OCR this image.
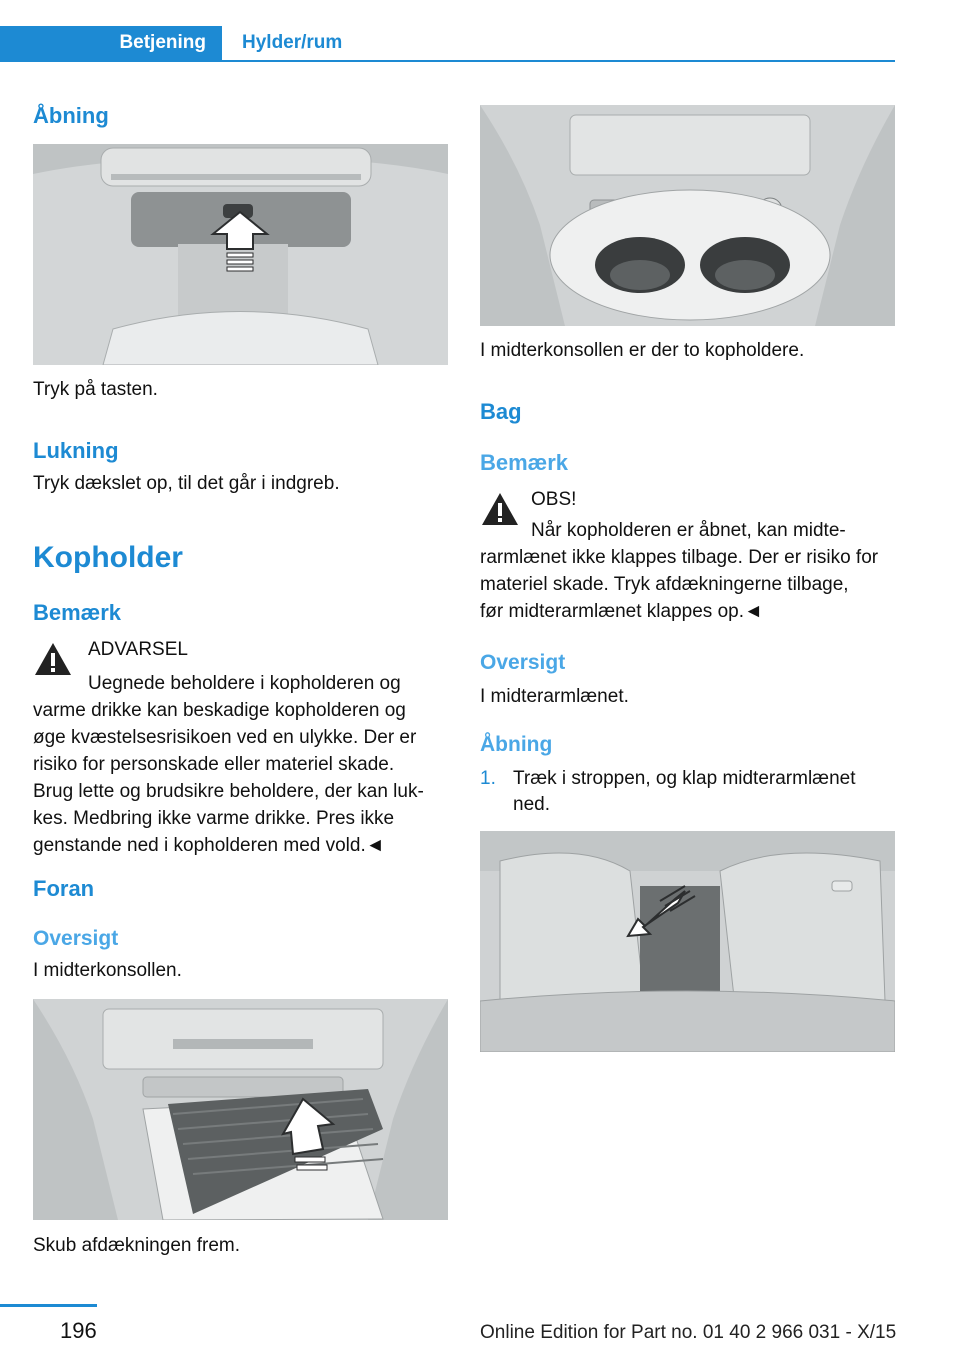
Betjening	Hylder/rum
Åbning

Tryk på tasten.

Lukning

Tryk dækslet op, til det går i indgreb.

Kopholder
Bemærk

ADVARSEL

Uegnede beholdere i kopholderen og

varme drikke kan beskadige kopholderen og
øge kvæstelsesrisikoen ved en ulykke. Der er
risiko for personskade eller materiel skade.
Brug lette og brudsikre beholdere, der kan luk-
kes. Medbring ikke varme drikke. Pres ikke
genstande ned i kopholderen med vold.◄
Foran
Oversigt

I midterkonsollen.

Skub afdækningen frem.

I midterkonsollen er der to kopholdere.

Bag
Bemærk

OBS!

Når kopholderen er åbnet, kan midte-

rarmlænet ikke klappes tilbage. Der er risiko for
materiel skade. Tryk afdækningerne tilbage,
før midterarmlænet klappes op.◄
Oversigt

I midterarmlænet.

Åbning

1. Træk i stroppen, og klap midterarmlænet

ned.

196	Online Edition for Part no. 01 40 2 966 031 - X/15
